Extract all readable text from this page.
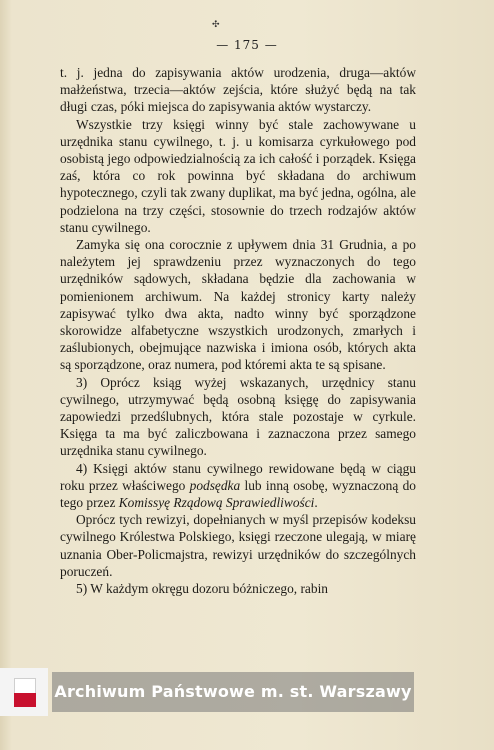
✣
— 175 —

t. j. jedna do zapisywania aktów urodzenia, druga—aktów małżeństwa, trzecia—aktów zejścia, które służyć będą na tak długi czas, póki miejsca do zapisywania aktów wystarczy.

Wszystkie trzy księgi winny być stale zachowywane u urzędnika stanu cywilnego, t. j. u komisarza cyrkułowego pod osobistą jego odpowiedzialnością za ich całość i porządek. Księga zaś, która co rok powinna być składana do archiwum hypotecznego, czyli tak zwany duplikat, ma być jedna, ogólna, ale podzielona na trzy części, stosownie do trzech rodzajów aktów stanu cywilnego.

Zamyka się ona corocznie z upływem dnia 31 Grudnia, a po należytem jej sprawdzeniu przez wyznaczonych do tego urzędników sądowych, składana będzie dla zachowania w pomienionem archiwum. Na każdej stronicy karty należy zapisywać tylko dwa akta, nadto winny być sporządzone skorowidze alfabetyczne wszystkich urodzonych, zmarłych i zaślubionych, obejmujące nazwiska i imiona osób, których akta są sporządzone, oraz numera, pod któremi akta te są spisane.

3) Oprócz ksiąg wyżej wskazanych, urzędnicy stanu cywilnego, utrzymywać będą osobną księgę do zapisywania zapowiedzi przedślubnych, która stale pozostaje w cyrkule. Księga ta ma być zaliczbowana i zaznaczona przez samego urzędnika stanu cywilnego.

4) Księgi aktów stanu cywilnego rewidowane będą w ciągu roku przez właściwego podsędka lub inną osobę, wyznaczoną do tego przez Komissyę Rządową Sprawiedliwości.

Oprócz tych rewizyi, dopełnianych w myśl przepisów kodeksu cywilnego Królestwa Polskiego, księgi rzeczone ulegają, w miarę uznania Ober-Policmajstra, rewizyi urzędników do szczególnych poruczeń.

5) W każdym okręgu dozoru bóżniczego, rabin

Archiwum Państwowe m. st. Warszawy
